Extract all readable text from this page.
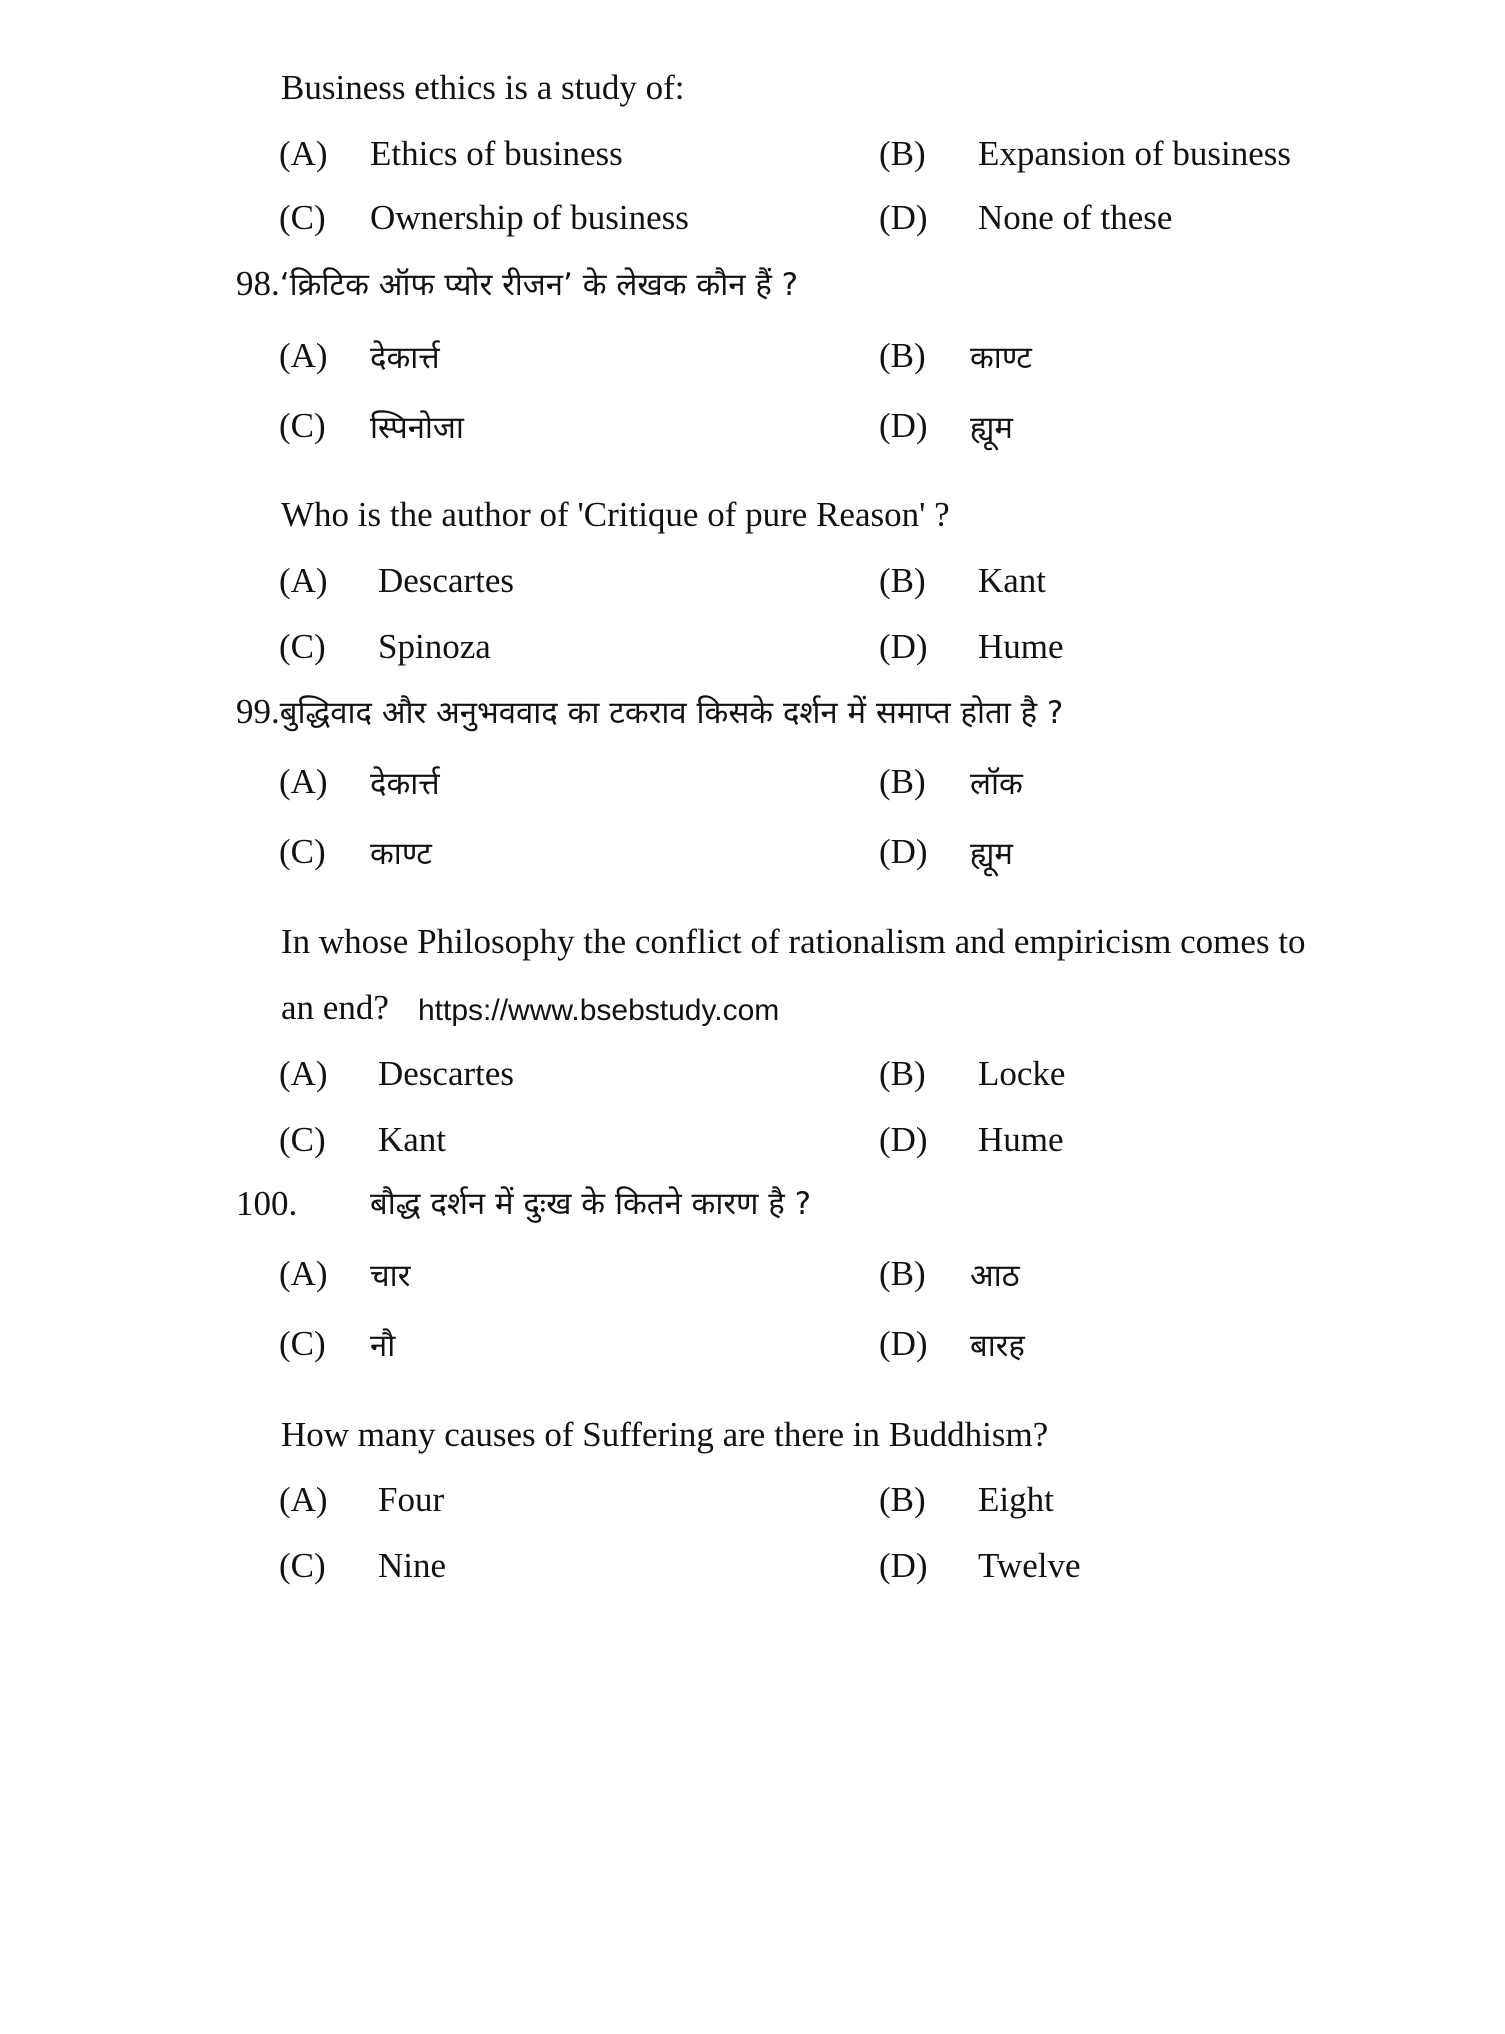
Business ethics is a study of:
(A) Ethics of business	(B) Expansion of business
(C) Ownership of business	(D) None of these
98.‘क्रिटिक ऑफ प्योर रीजन’ के लेखक कौन हैं ?
(A) देकार्त्त	(B) काण्ट
(C) स्पिनोजा	(D) ह्यूम
Who is the author of 'Critique of pure Reason' ?
(A) Descartes	(B) Kant
(C) Spinoza	(D) Hume
99.बुद्धिवाद और अनुभववाद का टकराव किसके दर्शन में समाप्त होता है ?
(A) देकार्त्त	(B) लॉक
(C) काण्ट	(D) ह्यूम
In whose Philosophy the conflict of rationalism and empiricism comes to
an end? https://www.bsebstudy.com
(A) Descartes	(B) Locke
(C) Kant	(D) Hume
100. बौद्ध दर्शन में दुःख के कितने कारण है ?
(A) चार	(B) आठ
(C) नौ	(D) बारह
How many causes of Suffering are there in Buddhism?
(A) Four	(B) Eight
(C) Nine	(D) Twelve
